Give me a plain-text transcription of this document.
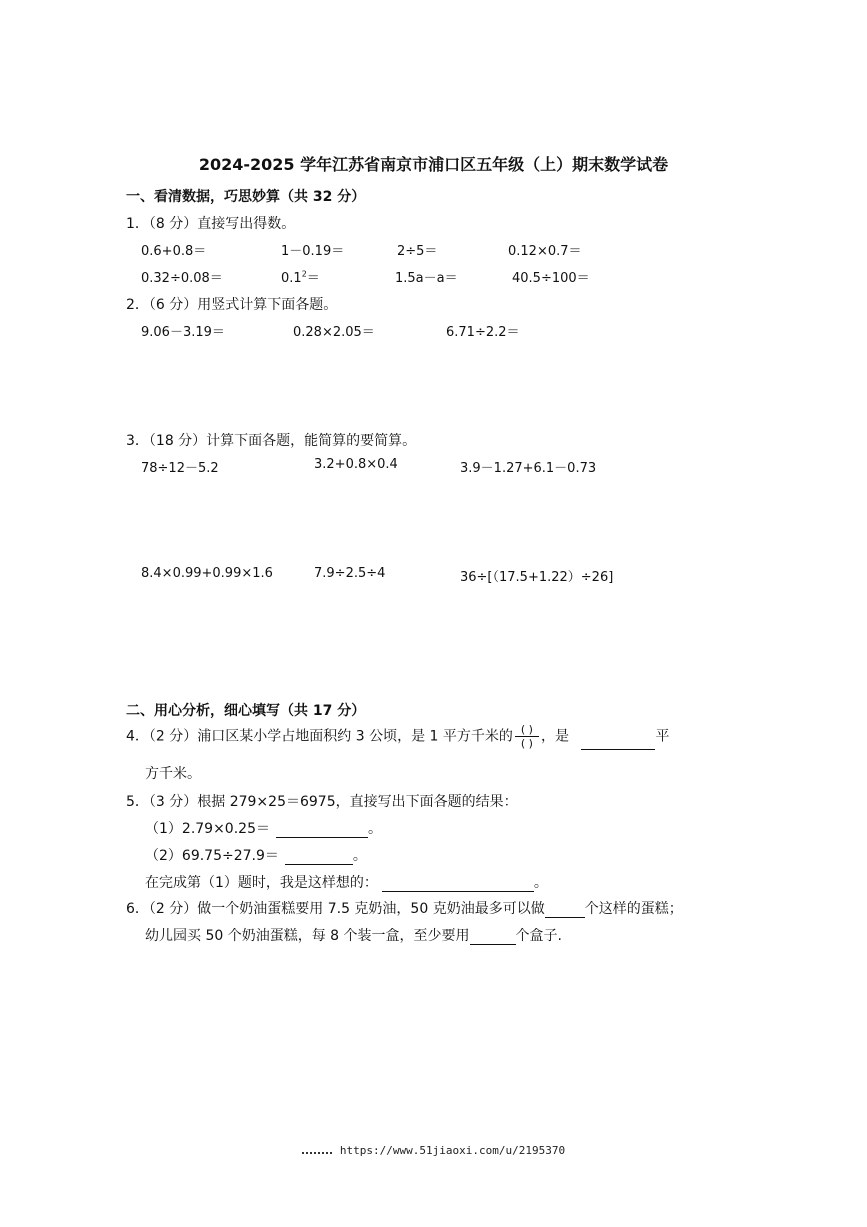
2024-2025 学年江苏省南京市浦口区五年级（上）期末数学试卷
一、看清数据，巧思妙算（共 32 分）
1．（8 分）直接写出得数。
0.6+0.8＝	1－0.19＝	2÷5＝	0.12×0.7＝
0.32÷0.08＝	$0.1^2=$	1.5a－a＝	40.5÷100＝
2．（6 分）用竖式计算下面各题。
9.06－3.19＝	0.28×2.05＝	6.71÷2.2＝
3．（18 分）计算下面各题，能简算的要简算。
78÷12－5.2	3.2+0.8×0.4	3.9－1.27+6.1－0.73
8.4×0.99+0.99×1.6	7.9÷2.5÷4	36÷[（17.5+1.22）÷26]
二、用心分析，细心填写（共 17 分）
4．（2 分）浦口区某小学占地面积约 3 公顷，是 1 平方千米的 $\frac{( )}{( )}$ ，是	平
方千米。
5．（3 分）根据 279×25＝6975，直接写出下面各题的结果：
（1）2.79×0.25＝	。
（2）69.75÷27.9＝	。
在完成第（1）题时，我是这样想的：	。
6．（2 分）做一个奶油蛋糕要用 7.5 克奶油，50 克奶油最多可以做	个这样的蛋糕；
幼儿园买 50 个奶油蛋糕，每 8 个装一盒，至少要用	个盒子.
https://www.51jiaoxi.com/u/2195370
